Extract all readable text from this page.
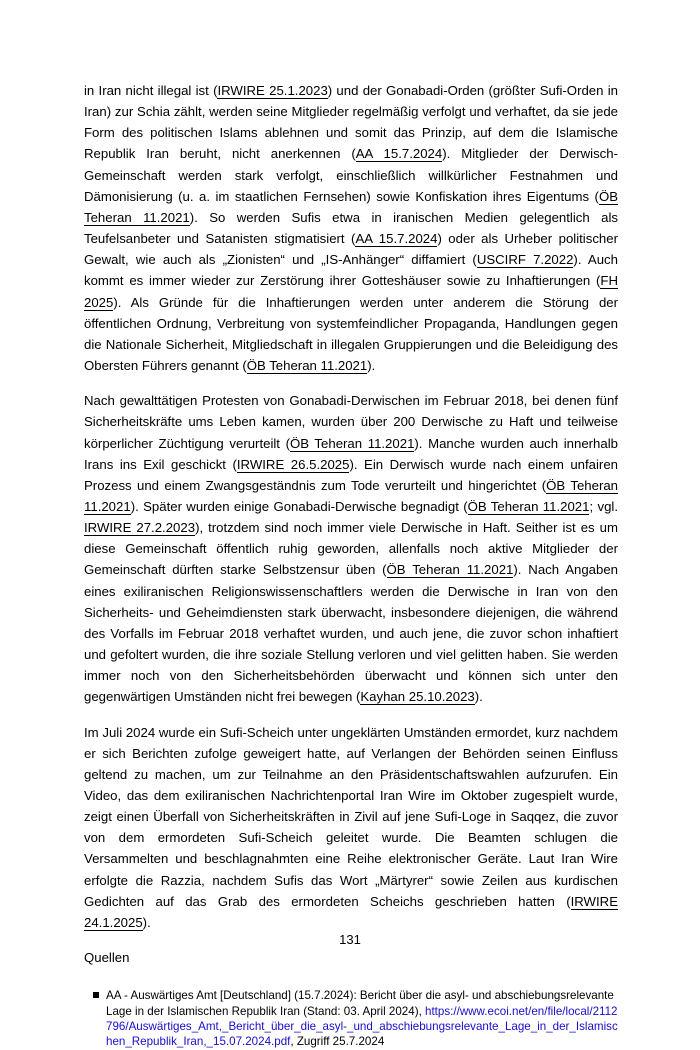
in Iran nicht illegal ist (IRWIRE 25.1.2023) und der Gonabadi-Orden (größter Sufi-Orden in Iran) zur Schia zählt, werden seine Mitglieder regelmäßig verfolgt und verhaftet, da sie jede Form des politischen Islams ablehnen und somit das Prinzip, auf dem die Islamische Republik Iran beruht, nicht anerkennen (AA 15.7.2024). Mitglieder der Derwisch-Gemeinschaft werden stark verfolgt, einschließlich willkürlicher Festnahmen und Dämonisierung (u. a. im staatlichen Fernsehen) sowie Konfiskation ihres Eigentums (ÖB Teheran 11.2021). So werden Sufis etwa in iranischen Medien gelegentlich als Teufelsanbeter und Satanisten stigmatisiert (AA 15.7.2024) oder als Urheber politischer Gewalt, wie auch als „Zionisten“ und „IS-Anhänger“ diffamiert (USCIRF 7.2022). Auch kommt es immer wieder zur Zerstörung ihrer Gotteshäuser sowie zu Inhaftierungen (FH 2025). Als Gründe für die Inhaftierungen werden unter anderem die Störung der öffentlichen Ordnung, Verbreitung von systemfeindlicher Propaganda, Handlungen gegen die Nationale Sicherheit, Mitgliedschaft in illegalen Gruppierungen und die Beleidigung des Obersten Führers genannt (ÖB Teheran 11.2021).

Nach gewalttätigen Protesten von Gonabadi-Derwischen im Februar 2018, bei denen fünf Sicherheitskräfte ums Leben kamen, wurden über 200 Derwische zu Haft und teilweise körperlicher Züchtigung verurteilt (ÖB Teheran 11.2021). Manche wurden auch innerhalb Irans ins Exil geschickt (IRWIRE 26.5.2025). Ein Derwisch wurde nach einem unfairen Prozess und einem Zwangsgeständnis zum Tode verurteilt und hingerichtet (ÖB Teheran 11.2021). Später wurden einige Gonabadi-Derwische begnadigt (ÖB Teheran 11.2021; vgl. IRWIRE 27.2.2023), trotzdem sind noch immer viele Derwische in Haft. Seither ist es um diese Gemeinschaft öffentlich ruhig geworden, allenfalls noch aktive Mitglieder der Gemeinschaft dürften starke Selbstzensur üben (ÖB Teheran 11.2021). Nach Angaben eines exiliranischen Religionswissenschaftlers werden die Derwische in Iran von den Sicherheits- und Geheimdiensten stark überwacht, insbesondere diejenigen, die während des Vorfalls im Februar 2018 verhaftet wurden, und auch jene, die zuvor schon inhaftiert und gefoltert wurden, die ihre soziale Stellung verloren und viel gelitten haben. Sie werden immer noch von den Sicherheitsbehörden überwacht und können sich unter den gegenwärtigen Umständen nicht frei bewegen (Kayhan 25.10.2023).

Im Juli 2024 wurde ein Sufi-Scheich unter ungeklärten Umständen ermordet, kurz nachdem er sich Berichten zufolge geweigert hatte, auf Verlangen der Behörden seinen Einfluss geltend zu machen, um zur Teilnahme an den Präsidentschaftswahlen aufzurufen. Ein Video, das dem exiliranischen Nachrichtenportal Iran Wire im Oktober zugespielt wurde, zeigt einen Überfall von Sicherheitskräften in Zivil auf jene Sufi-Loge in Saqqez, die zuvor von dem ermordeten Sufi-Scheich geleitet wurde. Die Beamten schlugen die Versammelten und beschlagnahmten eine Reihe elektronischer Geräte. Laut Iran Wire erfolgte die Razzia, nachdem Sufis das Wort „Märtyrer“ sowie Zeilen aus kurdischen Gedichten auf das Grab des ermordeten Scheichs geschrieben hatten (IRWIRE 24.1.2025).

Quellen
AA - Auswärtiges Amt [Deutschland] (15.7.2024): Bericht über die asyl- und abschiebungsrelevante Lage in der Islamischen Republik Iran (Stand: 03. April 2024), https://www.ecoi.net/en/file/local/2112796/Auswärtiges_Amt,_Bericht_über_die_asyl-_und_abschiebungsrelevante_Lage_in_der_Islamischen_Republik_Iran,_15.07.2024.pdf, Zugriff 25.7.2024
131
